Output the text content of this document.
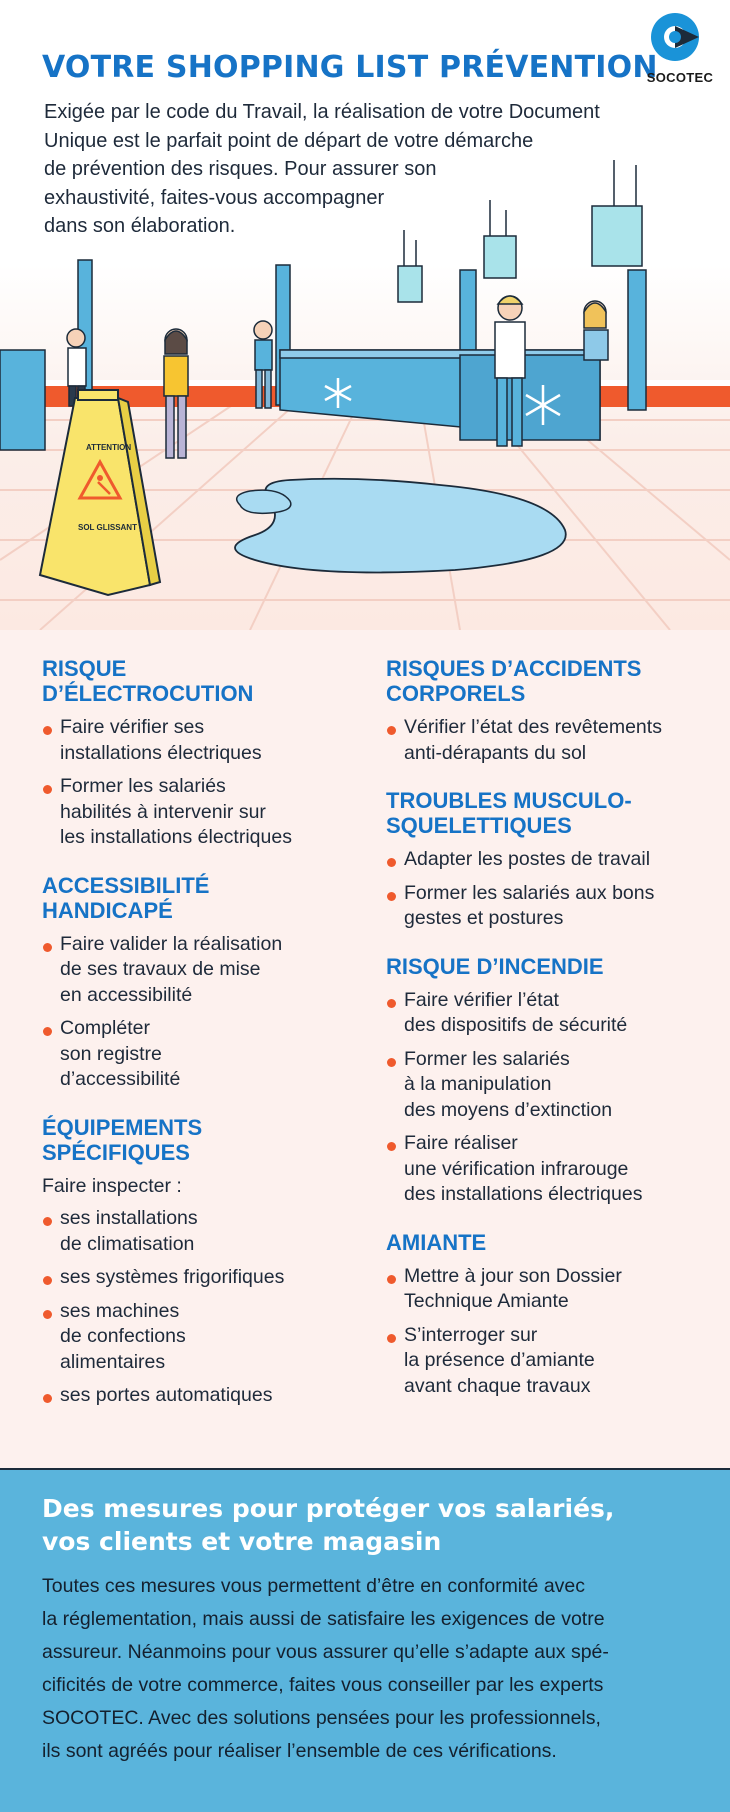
ATTENTION
SOL GLISSANT
VOTRE SHOPPING LIST PRÉVENTION
Exigée par le code du Travail, la réalisation de votre Document
Unique est le parfait point de départ de votre démarche
de prévention des risques. Pour assurer son
exhaustivité, faites-vous accompagner
dans son élaboration.
SOCOTEC
RISQUE
D’ÉLECTROCUTION
Faire vérifier ses
installations électriques
Former les salariés
habilités à intervenir sur
les installations électriques
ACCESSIBILITÉ
HANDICAPÉ
Faire valider la réalisation
de ses travaux de mise
en accessibilité
Compléter
son registre
d’accessibilité
ÉQUIPEMENTS
SPÉCIFIQUES
Faire inspecter :
ses installations
de climatisation
ses systèmes frigorifiques
ses machines
de confections
alimentaires
ses portes automatiques
RISQUES D’ACCIDENTS
CORPORELS
Vérifier l’état des revêtements
anti-dérapants du sol
TROUBLES MUSCULO-
SQUELETTIQUES
Adapter les postes de travail
Former les salariés aux bons
gestes et postures
RISQUE D’INCENDIE
Faire vérifier l’état
des dispositifs de sécurité
Former les salariés
à la manipulation
des moyens d’extinction
Faire réaliser
une vérification infrarouge
des installations électriques
AMIANTE
Mettre à jour son Dossier
Technique Amiante
S’interroger sur
la présence d’amiante
avant chaque travaux
Des mesures pour protéger vos salariés,
vos clients et votre magasin
Toutes ces mesures vous permettent d’être en conformité avec
la réglementation, mais aussi de satisfaire les exigences de votre
assureur. Néanmoins pour vous assurer qu’elle s’adapte aux spé-
cificités de votre commerce, faites vous conseiller par les experts
SOCOTEC. Avec des solutions pensées pour les professionnels,
ils sont agréés pour réaliser l’ensemble de ces vérifications.
